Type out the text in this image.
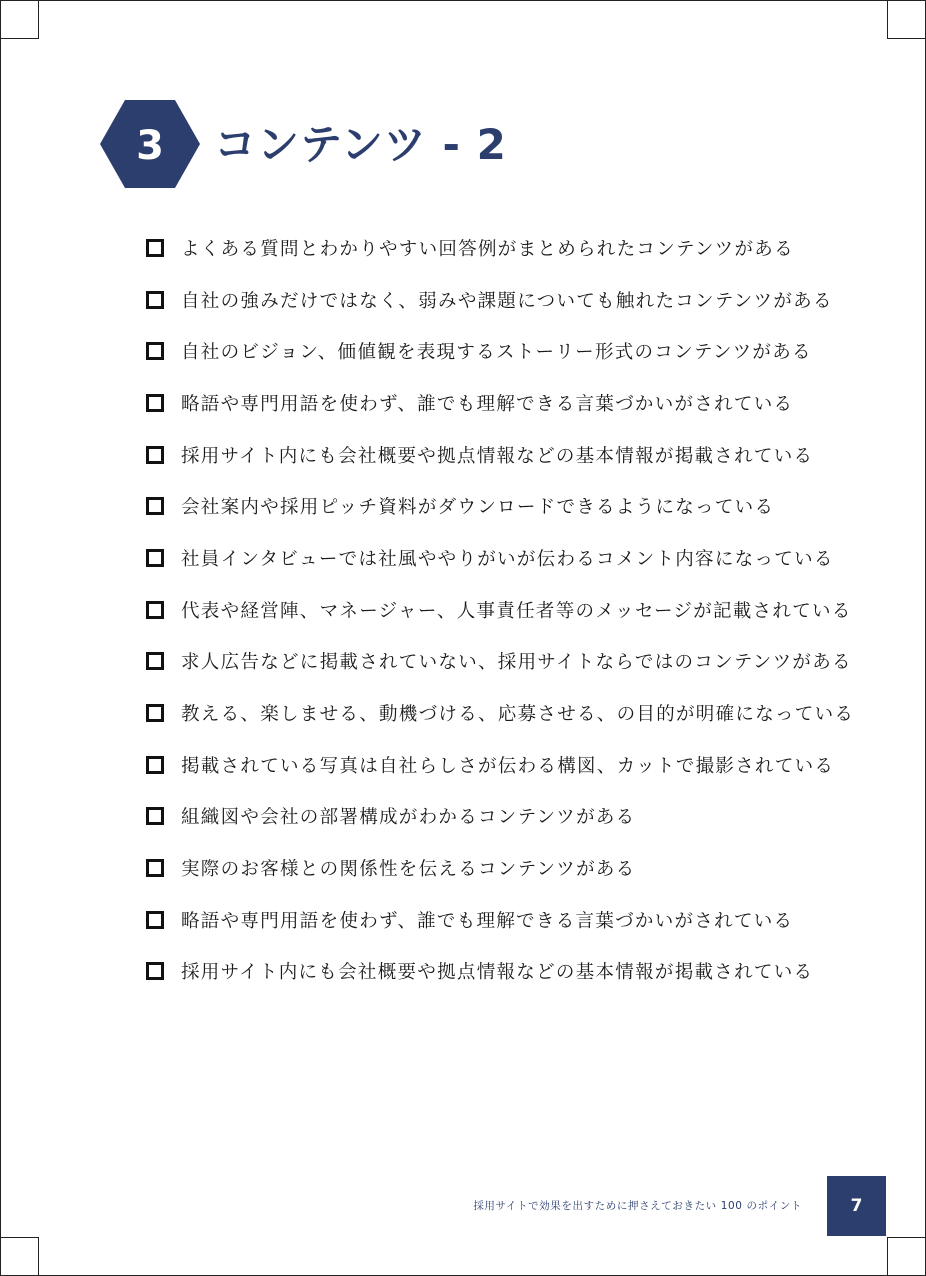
3	コンテンツ - 2
よくある質問とわかりやすい回答例がまとめられたコンテンツがある
自社の強みだけではなく、弱みや課題についても触れたコンテンツがある
自社のビジョン、価値観を表現するストーリー形式のコンテンツがある
略語や専門用語を使わず、誰でも理解できる言葉づかいがされている
採用サイト内にも会社概要や拠点情報などの基本情報が掲載されている
会社案内や採用ピッチ資料がダウンロードできるようになっている
社員インタビューでは社風ややりがいが伝わるコメント内容になっている
代表や経営陣、マネージャー、人事責任者等のメッセージが記載されている
求人広告などに掲載されていない、採用サイトならではのコンテンツがある
教える、楽しませる、動機づける、応募させる、の目的が明確になっている
掲載されている写真は自社らしさが伝わる構図、カットで撮影されている
組織図や会社の部署構成がわかるコンテンツがある
実際のお客様との関係性を伝えるコンテンツがある
略語や専門用語を使わず、誰でも理解できる言葉づかいがされている
採用サイト内にも会社概要や拠点情報などの基本情報が掲載されている
採用サイトで効果を出すために押さえておきたい 100 のポイント	7
